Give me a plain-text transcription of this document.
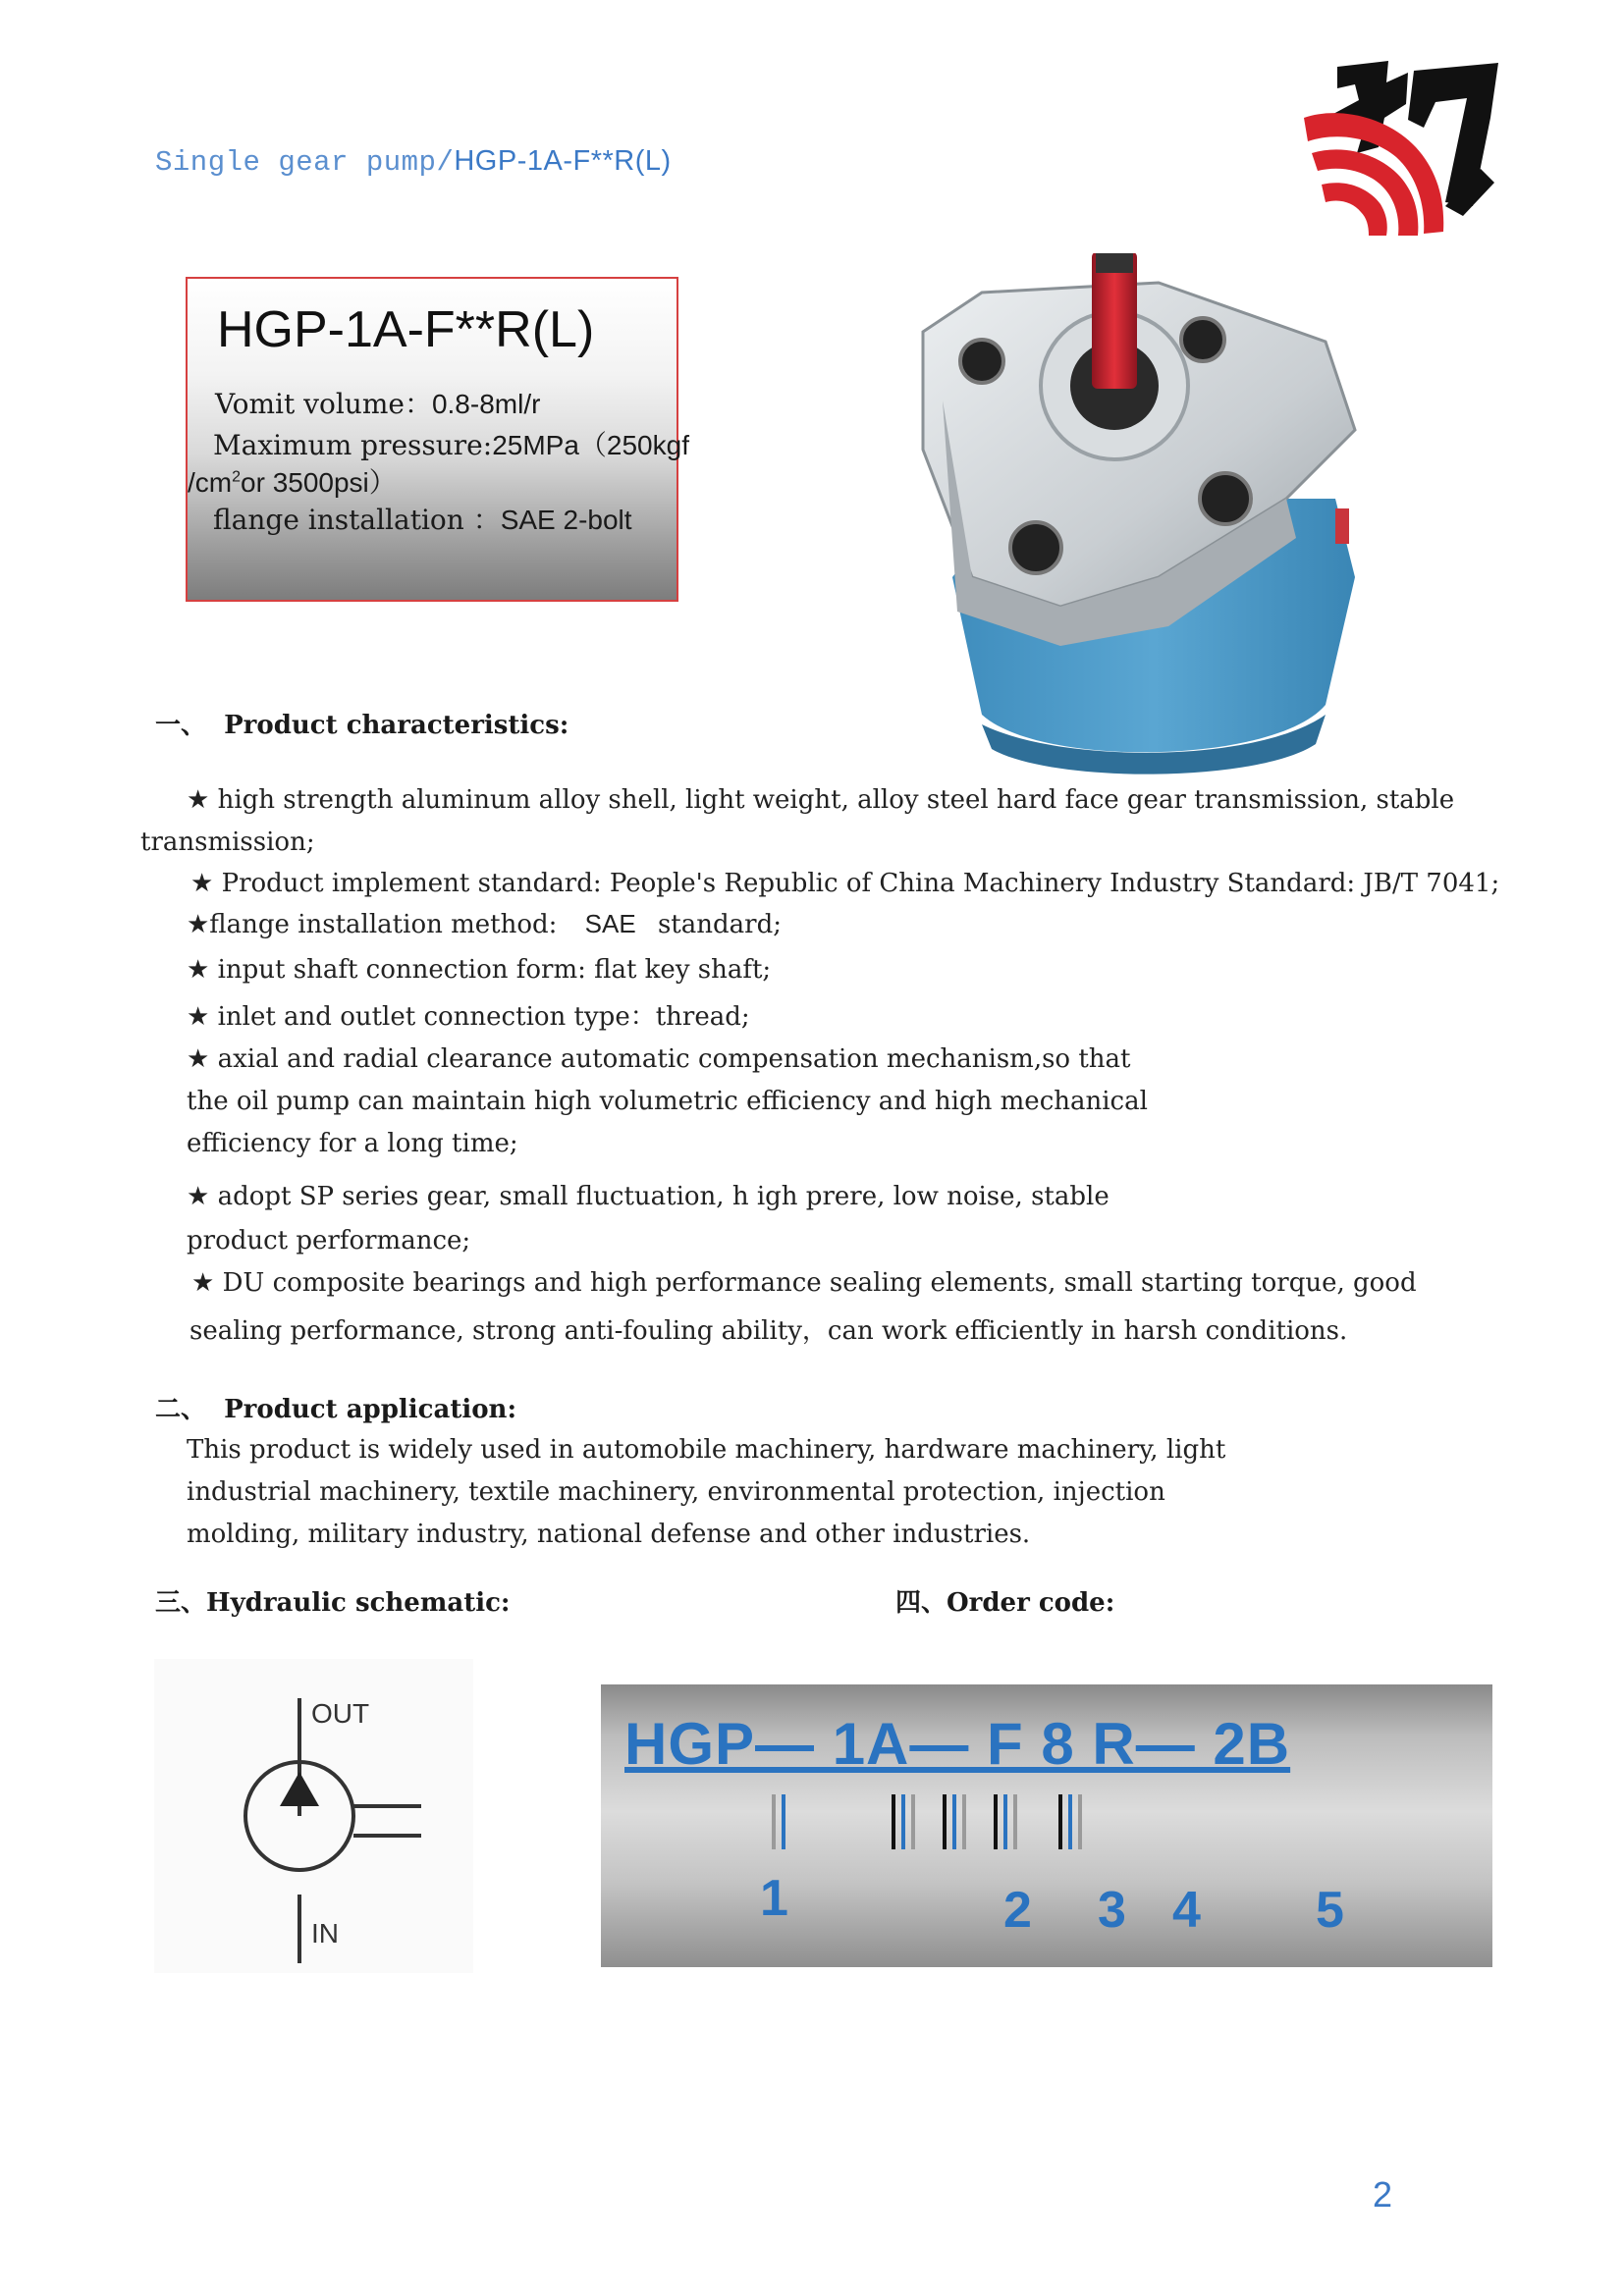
Single gear pump/HGP-1A-F**R(L)
HGP-1A-F**R(L)
Vomit volume：0.8-8ml/r
Maximum pressure:25MPa（250kgf
$/cm^2or$ 3500psi）
flange installation ：SAE 2-bolt
一、 Product characteristics:
★ high strength aluminum alloy shell, light weight, alloy steel hard face gear transmission, stable
transmission;
★ Product implement standard: People's Republic of China Machinery Industry Standard: JB/T 7041;
★flange installation method: SAE standard;
★ input shaft connection form: flat key shaft;
★ inlet and outlet connection type：thread;
★ axial and radial clearance automatic compensation mechanism,so that
the oil pump can maintain high volumetric efficiency and high mechanical
efficiency for a long time;
★ adopt SP series gear, small fluctuation, h igh prere, low noise, stable
product performance;
★ DU composite bearings and high performance sealing elements, small starting torque, good
sealing performance, strong anti-fouling ability，can work efficiently in harsh conditions.
二、 Product application:
This product is widely used in automobile machinery, hardware machinery, light
industrial machinery, textile machinery, environmental protection, injection
molding, military industry, national defense and other industries.
三、Hydraulic schematic:	四、Order code:
OUT
IN
HGP— 1A— F 8 R— 2B
1	2 3 4 5
2
